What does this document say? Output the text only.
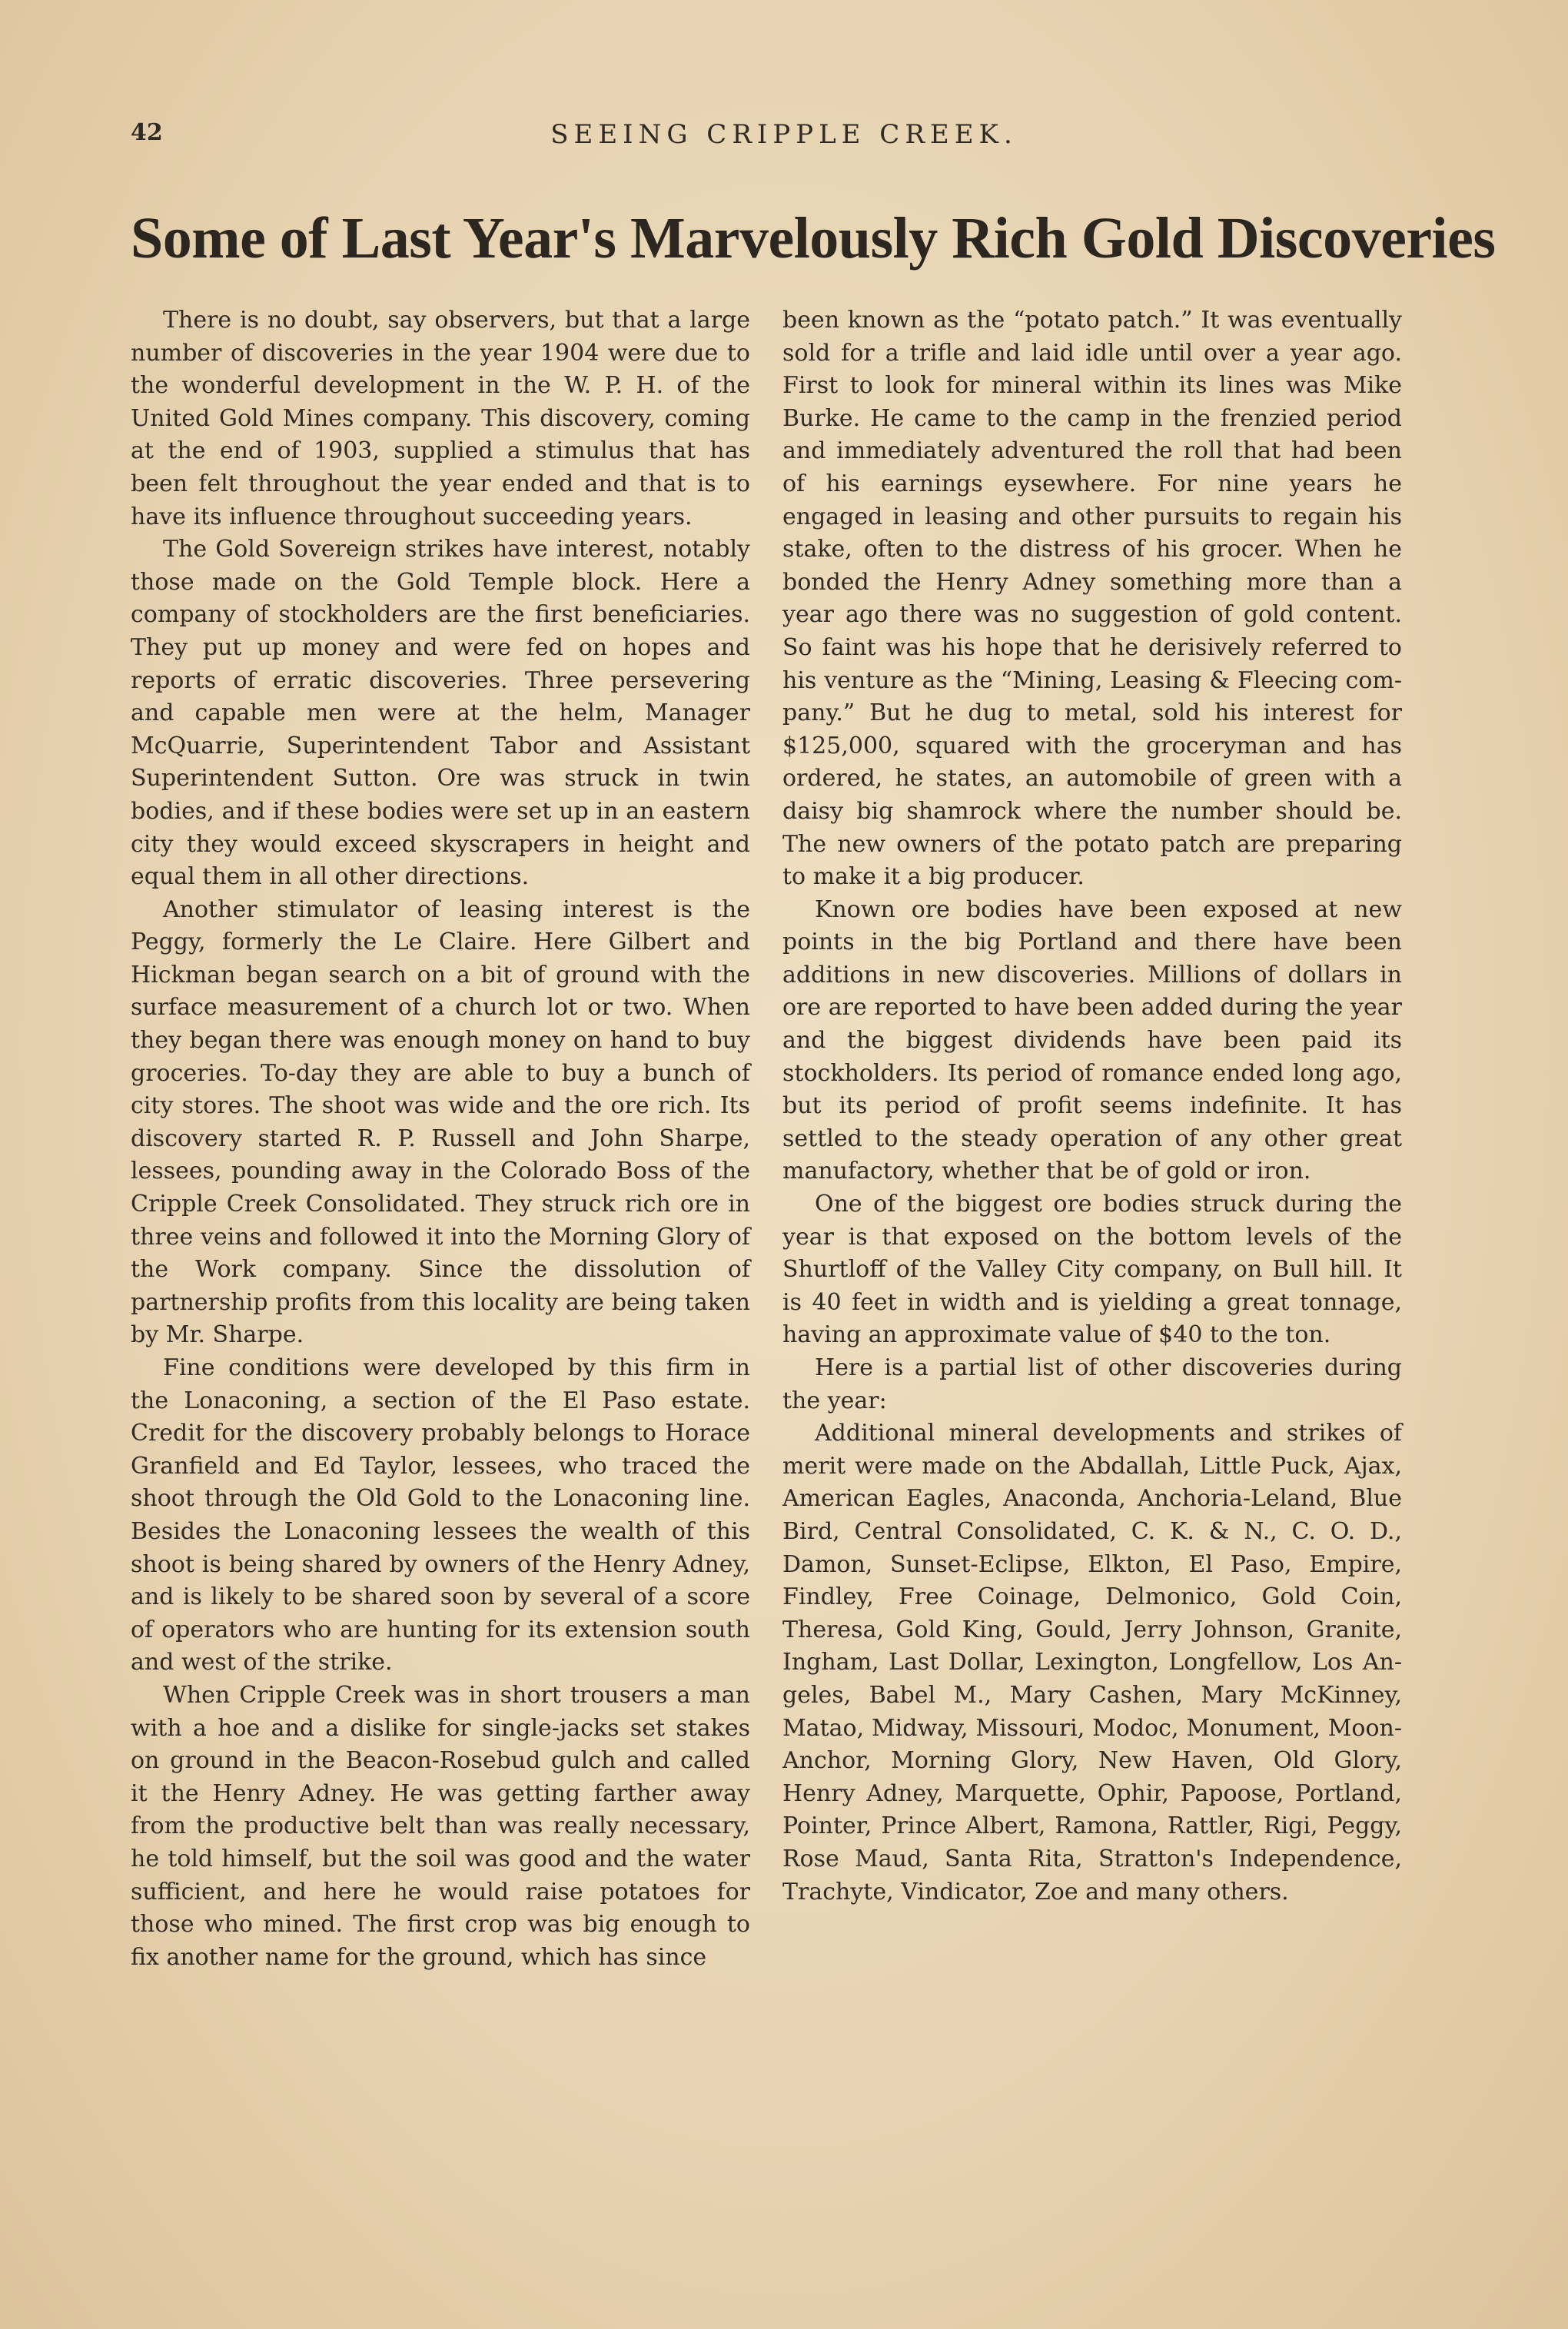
42	SEEING CRIPPLE CREEK.
Some of Last Year's Marvelously Rich Gold Discoveries

There is no doubt, say observers, but that a large number of discoveries in the year 1904 were due to the wonderful development in the W. P. H. of the United Gold Mines company. This discovery, coming at the end of 1903, supplied a stimulus that has been felt throughout the year ended and that is to have its influence throughout succeeding years.

The Gold Sovereign strikes have interest, notably those made on the Gold Temple block. Here a company of stockholders are the first beneficiaries. They put up money and were fed on hopes and reports of erratic discoveries. Three persevering and capable men were at the helm, Manager McQuarrie, Superintendent Tabor and Assistant Superintendent Sutton. Ore was struck in twin bodies, and if these bodies were set up in an eastern city they would exceed skyscrapers in height and equal them in all other directions.

Another stimulator of leasing interest is the Peggy, formerly the Le Claire. Here Gilbert and Hickman began search on a bit of ground with the surface measurement of a church lot or two. When they began there was enough money on hand to buy groceries. To-day they are able to buy a bunch of city stores. The shoot was wide and the ore rich. Its discovery started R. P. Russell and John Sharpe, lessees, pounding away in the Colorado Boss of the Cripple Creek Consolidated. They struck rich ore in three veins and followed it into the Morning Glory of the Work company. Since the dissolution of partnership profits from this locality are being taken by Mr. Sharpe.

Fine conditions were developed by this firm in the Lonaconing, a section of the El Paso estate. Credit for the discovery probably belongs to Horace Granfield and Ed Taylor, lessees, who traced the shoot through the Old Gold to the Lonaconing line. Besides the Lonaconing lessees the wealth of this shoot is being shared by owners of the Henry Adney, and is likely to be shared soon by several of a score of operators who are hunting for its extension south and west of the strike.

When Cripple Creek was in short trousers a man with a hoe and a dislike for single-jacks set stakes on ground in the Beacon-Rosebud gulch and called it the Henry Adney. He was getting farther away from the productive belt than was really necessary, he told himself, but the soil was good and the water sufficient, and here he would raise potatoes for those who mined. The first crop was big enough to fix another name for the ground, which has since

been known as the “potato patch.” It was eventually sold for a trifle and laid idle until over a year ago. First to look for mineral within its lines was Mike Burke. He came to the camp in the frenzied period and immediately adventured the roll that had been of his earnings eysewhere. For nine years he engaged in leasing and other pursuits to regain his stake, often to the distress of his grocer. When he bonded the Henry Adney something more than a year ago there was no suggestion of gold content. So faint was his hope that he derisively referred to his venture as the “Mining, Leasing & Fleecing company.” But he dug to metal, sold his interest for $125,000, squared with the groceryman and has ordered, he states, an automobile of green with a daisy big shamrock where the number should be. The new owners of the potato patch are preparing to make it a big producer.

Known ore bodies have been exposed at new points in the big Portland and there have been additions in new discoveries. Millions of dollars in ore are reported to have been added during the year and the biggest dividends have been paid its stockholders. Its period of romance ended long ago, but its period of profit seems indefinite. It has settled to the steady operation of any other great manufactory, whether that be of gold or iron.

One of the biggest ore bodies struck during the year is that exposed on the bottom levels of the Shurtloff of the Valley City company, on Bull hill. It is 40 feet in width and is yielding a great tonnage, having an approximate value of $40 to the ton.

Here is a partial list of other discoveries during the year:

Additional mineral developments and strikes of merit were made on the Abdallah, Little Puck, Ajax, American Eagles, Anaconda, Anchoria-Leland, Blue Bird, Central Consolidated, C. K. & N., C. O. D., Damon, Sunset-Eclipse, Elkton, El Paso, Empire, Findley, Free Coinage, Delmonico, Gold Coin, Theresa, Gold King, Gould, Jerry Johnson, Granite, Ingham, Last Dollar, Lexington, Longfellow, Los Angeles, Babel M., Mary Cashen, Mary McKinney, Matao, Midway, Missouri, Modoc, Monument, Moon-Anchor, Morning Glory, New Haven, Old Glory, Henry Adney, Marquette, Ophir, Papoose, Portland, Pointer, Prince Albert, Ramona, Rattler, Rigi, Peggy, Rose Maud, Santa Rita, Stratton's Independence, Trachyte, Vindicator, Zoe and many others.
